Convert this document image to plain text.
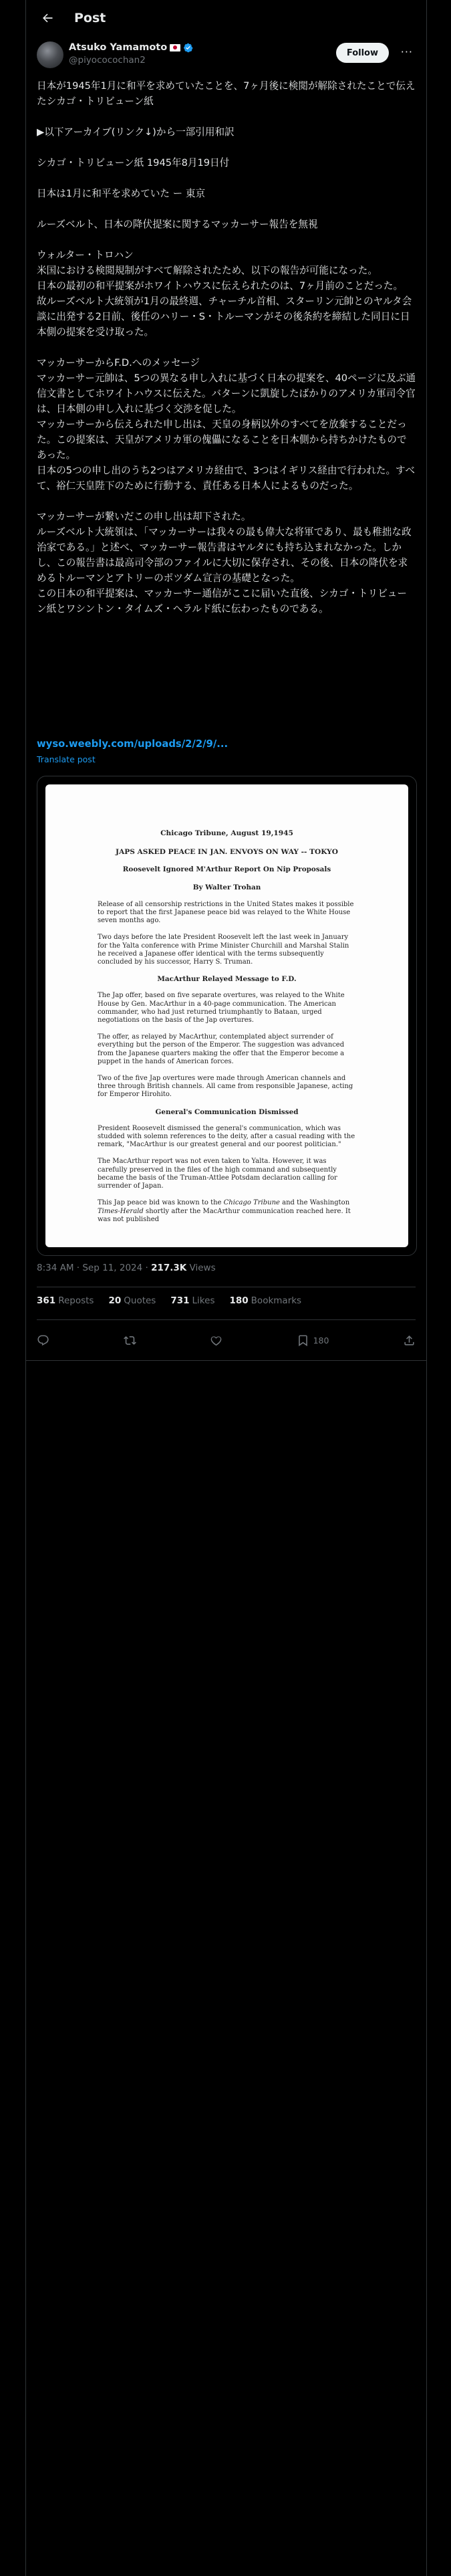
Post
Atsuko Yamamoto
@piyococochan2
Follow	···
日本が1945年1月に和平を求めていたことを、7ヶ月後に検閲が解除されたことで伝えたシカゴ・トリビューン紙

▶以下アーカイブ(リンク↓)から一部引用和訳

シカゴ・トリビューン紙 1945年8月19日付

日本は1月に和平を求めていた ー 東京

ルーズベルト、日本の降伏提案に関するマッカーサー報告を無視

ウォルター・トロハン
米国における検閲規制がすべて解除されたため、以下の報告が可能になった。
日本の最初の和平提案がホワイトハウスに伝えられたのは、7ヶ月前のことだった。
故ルーズベルト大統領が1月の最終週、チャーチル首相、スターリン元帥とのヤルタ会談に出発する2日前、後任のハリー・S・トルーマンがその後条約を締結した同日に日本側の提案を受け取った。

マッカーサーからF.D.へのメッセージ
マッカーサー元帥は、5つの異なる申し入れに基づく日本の提案を、40ページに及ぶ通信文書としてホワイトハウスに伝えた。バターンに凱旋したばかりのアメリカ軍司令官は、日本側の申し入れに基づく交渉を促した。
マッカーサーから伝えられた申し出は、天皇の身柄以外のすべてを放棄することだった。この提案は、天皇がアメリカ軍の傀儡になることを日本側から持ちかけたものであった。
日本の5つの申し出のうち2つはアメリカ経由で、3つはイギリス経由で行われた。すべて、裕仁天皇陛下のために行動する、責任ある日本人によるものだった。

マッカーサーが繋いだこの申し出は却下された。
ルーズベルト大統領は、「マッカーサーは我々の最も偉大な将軍であり、最も稚拙な政治家である。」と述べ、マッカーサー報告書はヤルタにも持ち込まれなかった。しかし、この報告書は最高司令部のファイルに大切に保存され、その後、日本の降伏を求めるトルーマンとアトリーのポツダム宣言の基礎となった。
この日本の和平提案は、マッカーサー通信がここに届いた直後、シカゴ・トリビューン紙とワシントン・タイムズ・ヘラルド紙に伝わったものである。
wyso.weebly.com/uploads/2/2/9/...
Translate post
Chicago Tribune, August 19,1945
JAPS ASKED PEACE IN JAN. ENVOYS ON WAY -- TOKYO
Roosevelt Ignored M'Arthur Report On Nip Proposals
By Walter Trohan

Release of all censorship restrictions in the United States makes it possible to report that the first Japanese peace bid was relayed to the White House seven months ago.

Two days before the late President Roosevelt left the last week in January for the Yalta conference with Prime Minister Churchill and Marshal Stalin he received a Japanese offer identical with the terms subsequently concluded by his successor, Harry S. Truman.

MacArthur Relayed Message to F.D.

The Jap offer, based on five separate overtures, was relayed to the White House by Gen. MacArthur in a 40-page communication. The American commander, who had just returned triumphantly to Bataan, urged negotiations on the basis of the Jap overtures.

The offer, as relayed by MacArthur, contemplated abject surrender of everything but the person of the Emperor. The suggestion was advanced from the Japanese quarters making the offer that the Emperor become a puppet in the hands of American forces.

Two of the five Jap overtures were made through American channels and three through British channels. All came from responsible Japanese, acting for Emperor Hirohito.

General's Communication Dismissed

President Roosevelt dismissed the general's communication, which was studded with solemn references to the deity, after a casual reading with the remark, "MacArthur is our greatest general and our poorest politician."

The MacArthur report was not even taken to Yalta. However, it was carefully preserved in the files of the high command and subsequently became the basis of the Truman-Attlee Potsdam declaration calling for surrender of Japan.

This Jap peace bid was known to the Chicago Tribune and the Washington Times-Herald shortly after the MacArthur communication reached here. It was not published

8:34 AM · Sep 11, 2024 · 217.3K Views
361 Reposts 20 Quotes 731 Likes 180 Bookmarks
180
